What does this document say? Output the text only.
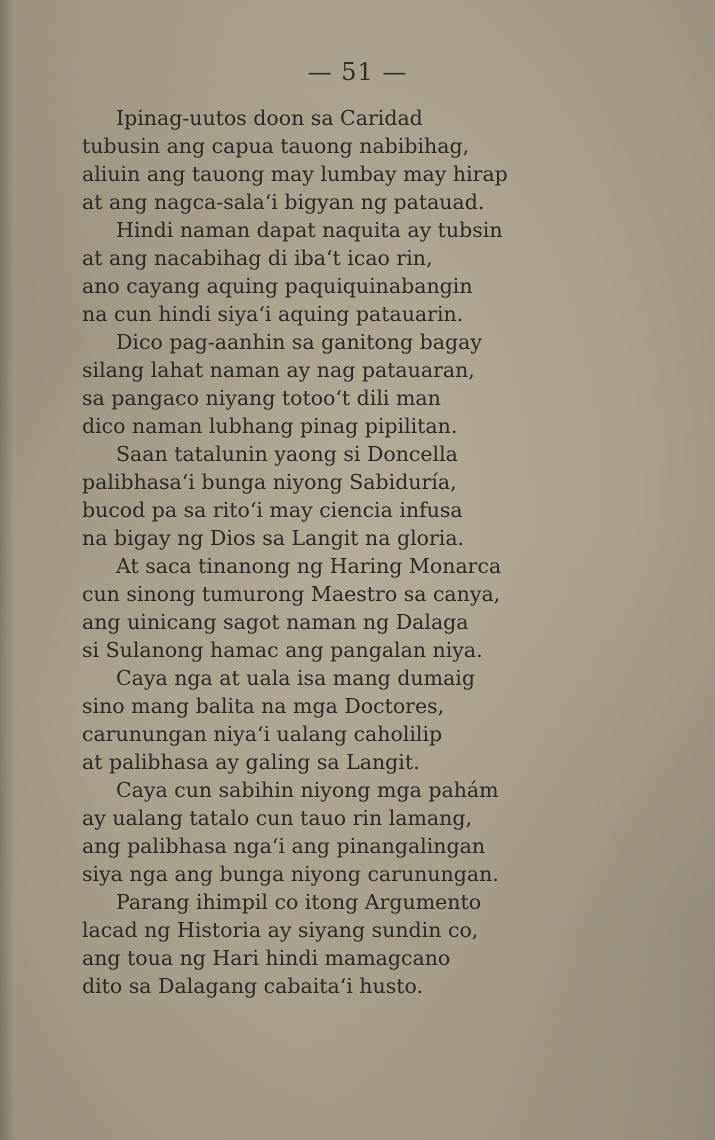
— 51 —
Ipinag-uutos doon sa Caridad
tubusin ang capua tauong nabibihag,
aliuin ang tauong may lumbay may hirap
at ang nagca-sala‘i bigyan ng patauad.
Hindi naman dapat naquita ay tubsin
at ang nacabihag di iba‘t icao rin,
ano cayang aquing paquiquinabangin
na cun hindi siya‘i aquing patauarin.
Dico pag-aanhin sa ganitong bagay
silang lahat naman ay nag patauaran,
sa pangaco niyang totoo‘t dili man
dico naman lubhang pinag pipilitan.
Saan tatalunin yaong si Doncella
palibhasa‘i bunga niyong Sabiduría,
bucod pa sa rito‘i may ciencia infusa
na bigay ng Dios sa Langit na gloria.
At saca tinanong ng Haring Monarca
cun sinong tumurong Maestro sa canya,
ang uinicang sagot naman ng Dalaga
si Sulanong hamac ang pangalan niya.
Caya nga at uala isa mang dumaig
sino mang balita na mga Doctores,
carunungan niya‘i ualang caholilip
at palibhasa ay galing sa Langit.
Caya cun sabihin niyong mga pahám
ay ualang tatalo cun tauo rin lamang,
ang palibhasa nga‘i ang pinangalingan
siya nga ang bunga niyong carunungan.
Parang ihimpil co itong Argumento
lacad ng Historia ay siyang sundin co,
ang toua ng Hari hindi mamagcano
dito sa Dalagang cabaita‘i husto.
